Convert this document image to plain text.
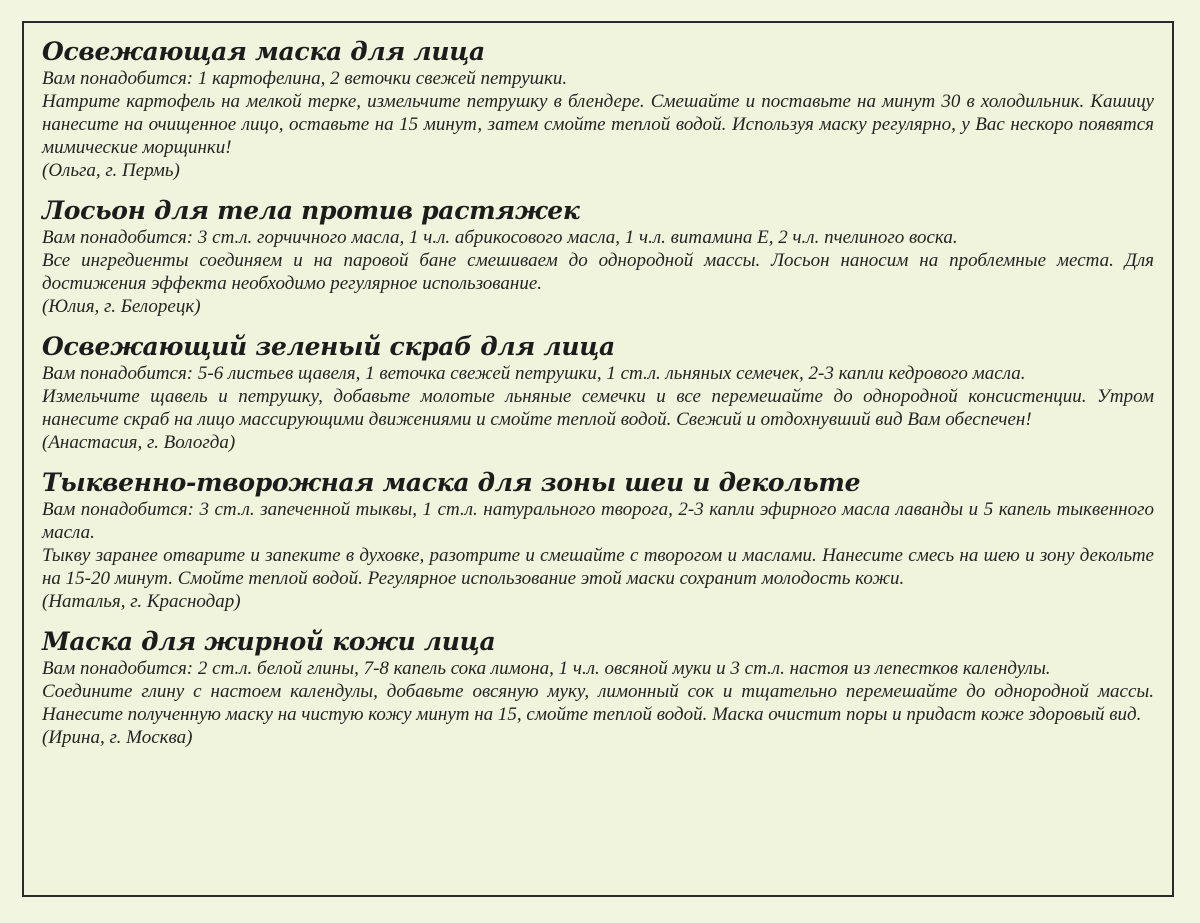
Освежающая маска для лица
Вам понадобится: 1 картофелина, 2 веточки свежей петрушки.
Натрите картофель на мелкой терке, измельчите петрушку в блендере. Смешайте и поставьте на минут 30 в холодильник. Кашицу нанесите на очищенное лицо, оставьте на 15 минут, затем смойте теплой водой. Используя маску регулярно, у Вас нескоро появятся мимические морщинки!
(Ольга, г. Пермь)
Лосьон для тела против растяжек
Вам понадобится: 3 ст.л. горчичного масла, 1 ч.л. абрикосового масла, 1 ч.л. витамина Е, 2 ч.л. пчелиного воска.
Все ингредиенты соединяем и на паровой бане смешиваем до однородной массы. Лосьон наносим на проблемные места. Для достижения эффекта необходимо регулярное использование.
(Юлия, г. Белорецк)
Освежающий зеленый скраб для лица
Вам понадобится: 5-6 листьев щавеля, 1 веточка свежей петрушки, 1 ст.л. льняных семечек, 2-3 капли кедрового масла.
Измельчите щавель и петрушку, добавьте молотые льняные семечки и все перемешайте до однородной консистенции. Утром нанесите скраб на лицо массирующими движениями и смойте теплой водой. Свежий и отдохнувший вид Вам обеспечен!
(Анастасия, г. Вологда)
Тыквенно-творожная маска для зоны шеи и декольте
Вам понадобится: 3 ст.л. запеченной тыквы, 1 ст.л. натурального творога, 2-3 капли эфирного масла лаванды и 5 капель тыквенного масла.
Тыкву заранее отварите и запеките в духовке, разотрите и смешайте с творогом и маслами. Нанесите смесь на шею и зону декольте на 15-20 минут. Смойте теплой водой. Регулярное использование этой маски сохранит молодость кожи.
(Наталья, г. Краснодар)
Маска для жирной кожи лица
Вам понадобится: 2 ст.л. белой глины, 7-8 капель сока лимона, 1 ч.л. овсяной муки и 3 ст.л. настоя из лепестков календулы.
Соедините глину с настоем календулы, добавьте овсяную муку, лимонный сок и тщательно перемешайте до однородной массы. Нанесите полученную маску на чистую кожу минут на 15, смойте теплой водой. Маска очистит поры и придаст коже здоровый вид.
(Ирина, г. Москва)
